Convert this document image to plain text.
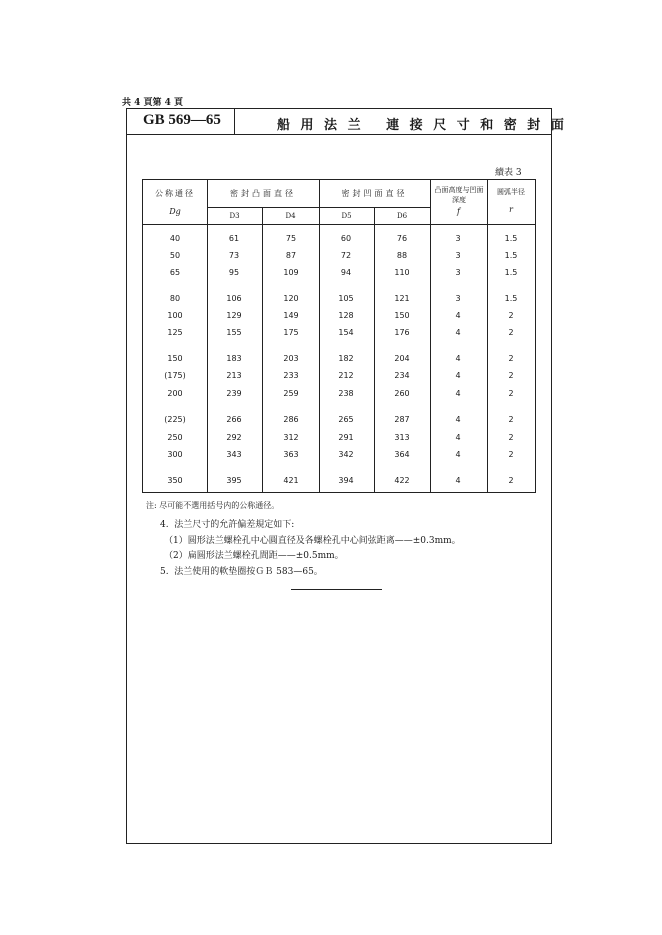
共 4 頁第 4 頁
GB 569—65	船 用 法 兰   連 接 尺 寸 和 密 封 面
續表 3
公称通径
Dg
密封凸面直径
D3	D4
密封凹面直径
D5	D6
凸面高度与凹面深度
f
圆弧半径
r
40	61	75	60	76	3	1.5
50	73	87	72	88	3	1.5
65	95	109	94	110	3	1.5
80	106	120	105	121	3	1.5
100	129	149	128	150	4	2
125	155	175	154	176	4	2
150	183	203	182	204	4	2
(175)	213	233	212	234	4	2
200	239	259	238	260	4	2
(225)	266	286	265	287	4	2
250	292	312	291	313	4	2
300	343	363	342	364	4	2
350	395	421	394	422	4	2
注: 尽可能不選用括号内的公称通径。
4.  法兰尺寸的允許偏差規定如下:
（1）圆形法兰螺栓孔中心圓直径及各螺栓孔中心间弦距离——±0.3mm。
（2）扁圆形法兰螺栓孔間距——±0.5mm。
5.  法兰使用的軟垫圈按ＧＢ 583—65。
